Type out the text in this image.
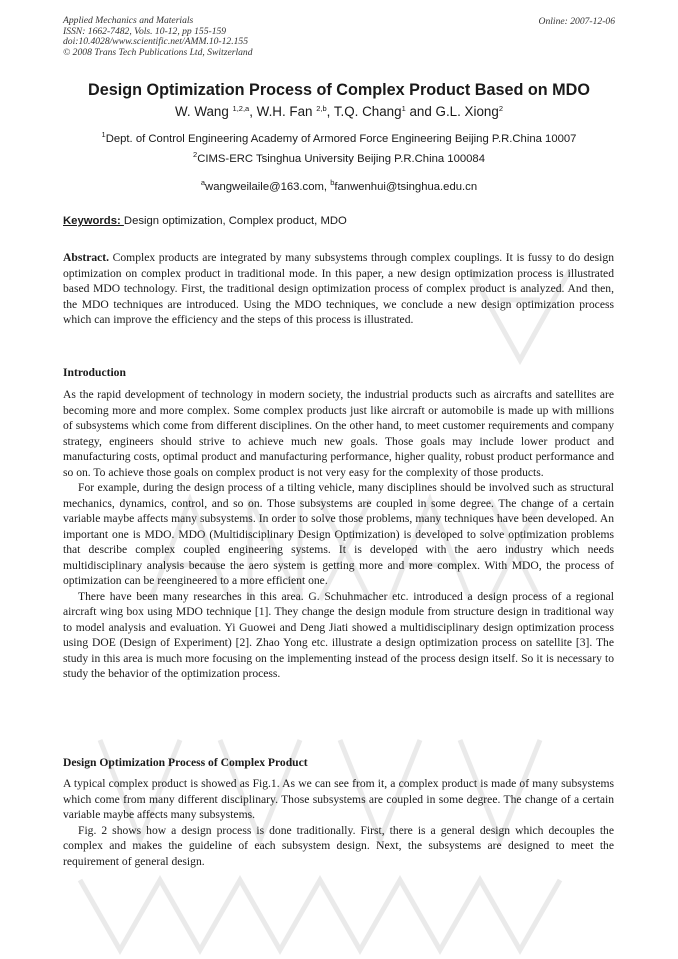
Applied Mechanics and Materials
ISSN: 1662-7482, Vols. 10-12, pp 155-159
doi:10.4028/www.scientific.net/AMM.10-12.155
© 2008 Trans Tech Publications Ltd, Switzerland
Online: 2007-12-06
Design Optimization Process of Complex Product Based on MDO
W. Wang $^{1,2,a}$, W.H. Fan $^{2,b}$, T.Q. Chang$^1$ and G.L. Xiong$^2$
$^1$Dept. of Control Engineering Academy of Armored Force Engineering Beijing P.R.China 10007
$^2$CIMS-ERC Tsinghua University Beijing P.R.China 100084
$^a$wangweilaile@163.com, $^b$fanwenhui@tsinghua.edu.cn
Keywords: Design optimization, Complex product, MDO

Abstract. Complex products are integrated by many subsystems through complex couplings. It is fussy to do design optimization on complex product in traditional mode. In this paper, a new design optimization process is illustrated based MDO technology. First, the traditional design optimization process of complex product is analyzed. And then, the MDO techniques are introduced. Using the MDO techniques, we conclude a new design optimization process which can improve the efficiency and the steps of this process is illustrated.

Introduction

As the rapid development of technology in modern society, the industrial products such as aircrafts and satellites are becoming more and more complex. Some complex products just like aircraft or automobile is made up with millions of subsystems which come from different disciplines. On the other hand, to meet customer requirements and company strategy, engineers should strive to achieve much new goals. Those goals may include lower product and manufacturing costs, optimal product and manufacturing performance, higher quality, robust product performance and so on. To achieve those goals on complex product is not very easy for the complexity of those products.

For example, during the design process of a tilting vehicle, many disciplines should be involved such as structural mechanics, dynamics, control, and so on. Those subsystems are coupled in some degree. The change of a certain variable maybe affects many subsystems. In order to solve those problems, many techniques have been developed. An important one is MDO. MDO (Multidisciplinary Design Optimization) is developed to solve optimization problems that describe complex coupled engineering systems. It is developed with the aero industry which needs multidisciplinary analysis because the aero system is getting more and more complex. With MDO, the process of optimization can be reengineered to a more efficient one.

There have been many researches in this area. G. Schuhmacher etc. introduced a design process of a regional aircraft wing box using MDO technique [1]. They change the design module from structure design in traditional way to model analysis and evaluation. Yi Guowei and Deng Jiati showed a multidisciplinary design optimization process using DOE (Design of Experiment) [2]. Zhao Yong etc. illustrate a design optimization process on satellite [3]. The study in this area is much more focusing on the implementing instead of the process design itself. So it is necessary to study the behavior of the optimization process.

Design Optimization Process of Complex Product

A typical complex product is showed as Fig.1. As we can see from it, a complex product is made of many subsystems which come from many different disciplinary. Those subsystems are coupled in some degree. The change of a certain variable maybe affects many subsystems.

Fig. 2 shows how a design process is done traditionally. First, there is a general design which decouples the complex and makes the guideline of each subsystem design. Next, the subsystems are designed to meet the requirement of general design.
